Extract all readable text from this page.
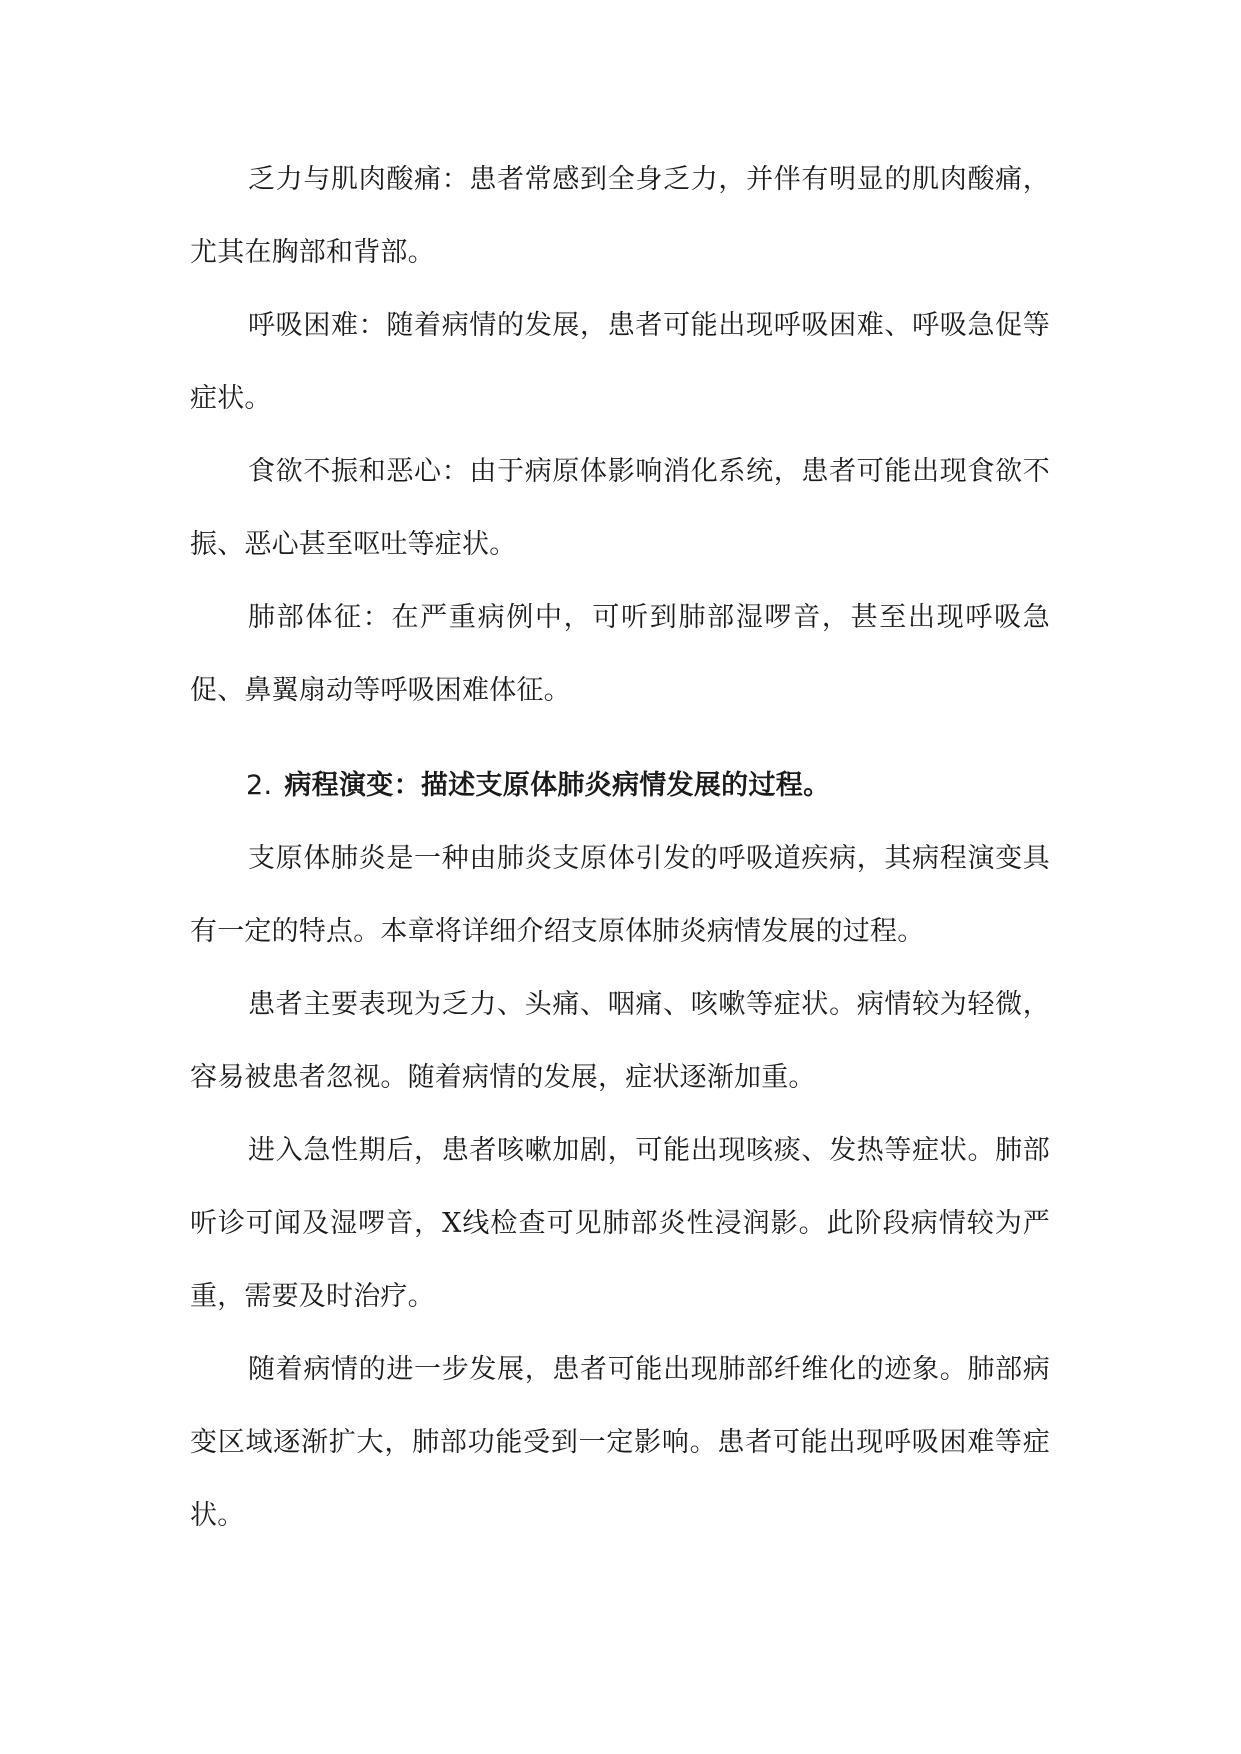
乏力与肌肉酸痛：患者常感到全身乏力，并伴有明显的肌肉酸痛，尤其在胸部和背部。

呼吸困难：随着病情的发展，患者可能出现呼吸困难、呼吸急促等症状。

食欲不振和恶心：由于病原体影响消化系统，患者可能出现食欲不振、恶心甚至呕吐等症状。

肺部体征：在严重病例中，可听到肺部湿啰音，甚至出现呼吸急促、鼻翼扇动等呼吸困难体征。

2. 病程演变：描述支原体肺炎病情发展的过程。

支原体肺炎是一种由肺炎支原体引发的呼吸道疾病，其病程演变具有一定的特点。本章将详细介绍支原体肺炎病情发展的过程。

患者主要表现为乏力、头痛、咽痛、咳嗽等症状。病情较为轻微，容易被患者忽视。随着病情的发展，症状逐渐加重。

进入急性期后，患者咳嗽加剧，可能出现咳痰、发热等症状。肺部听诊可闻及湿啰音，X线检查可见肺部炎性浸润影。此阶段病情较为严重，需要及时治疗。

随着病情的进一步发展，患者可能出现肺部纤维化的迹象。肺部病变区域逐渐扩大，肺部功能受到一定影响。患者可能出现呼吸困难等症状。
